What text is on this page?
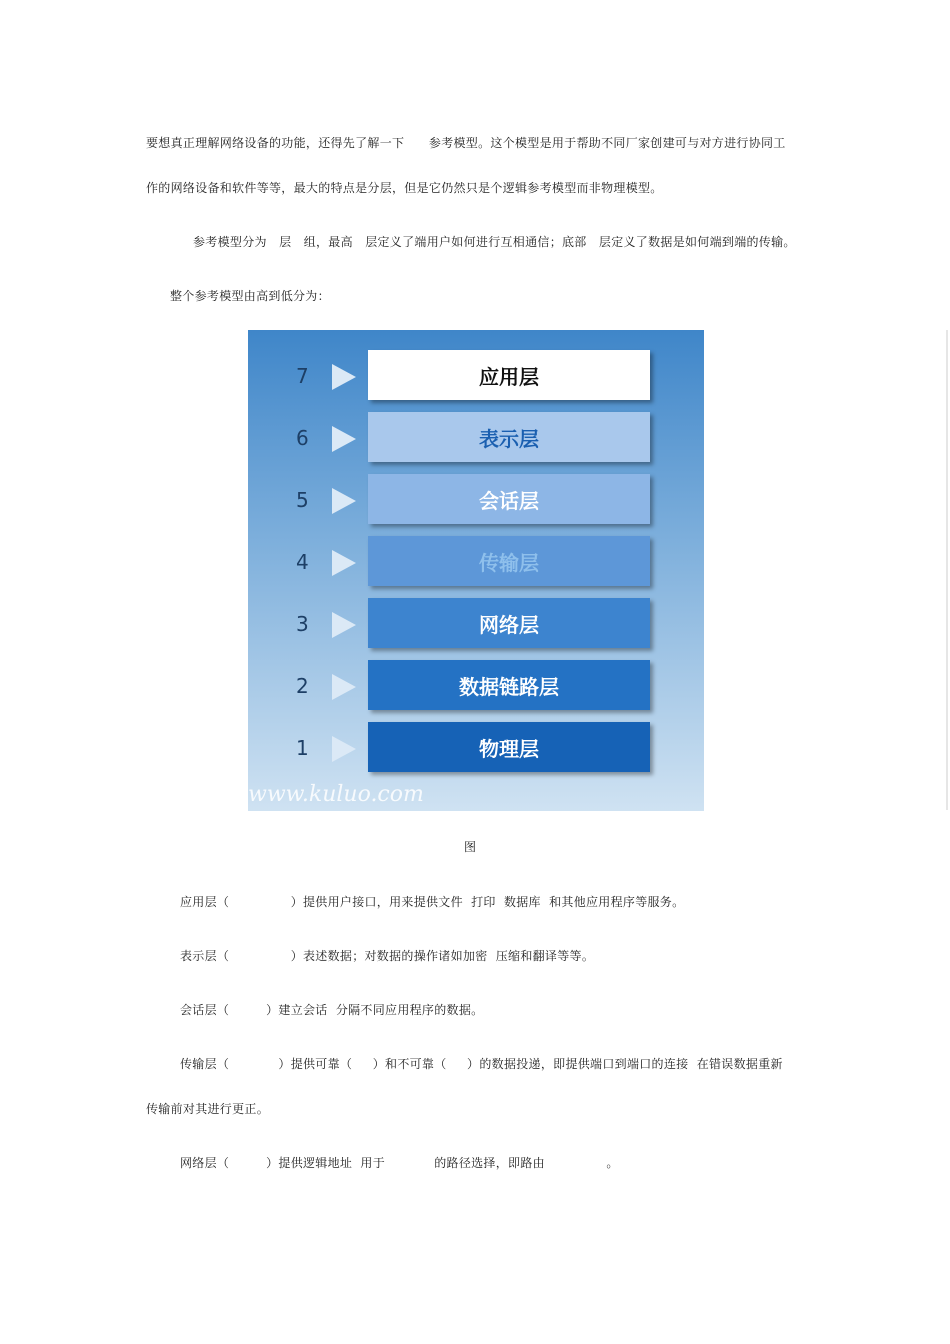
要想真正理解网络设备的功能，还得先了解一下　　参考模型。这个模型是用于帮助不同厂家创建可与对方进行协同工
作的网络设备和软件等等，最大的特点是分层，但是它仍然只是个逻辑参考模型而非物理模型。
参考模型分为　层　组，最高　层定义了端用户如何进行互相通信；底部　层定义了数据是如何端到端的传输。
整个参考模型由高到低分为：
7	应用层
6	表示层
5	会话层
4	传输层
3	网络层
2	数据链路层
1	物理层
www.kuluo.com
图
应用层（　　　　　）提供用户接口，用来提供文件  打印  数据库  和其他应用程序等服务。
表示层（　　　　　）表述数据；对数据的操作诸如加密  压缩和翻译等等。
会话层（　　　）建立会话  分隔不同应用程序的数据。
传输层（　　　　）提供可靠（　  ）和不可靠（　  ）的数据投递，即提供端口到端口的连接  在错误数据重新
传输前对其进行更正。
网络层（　　　）提供逻辑地址  用于　　　　的路径选择，即路由　　　　　。
